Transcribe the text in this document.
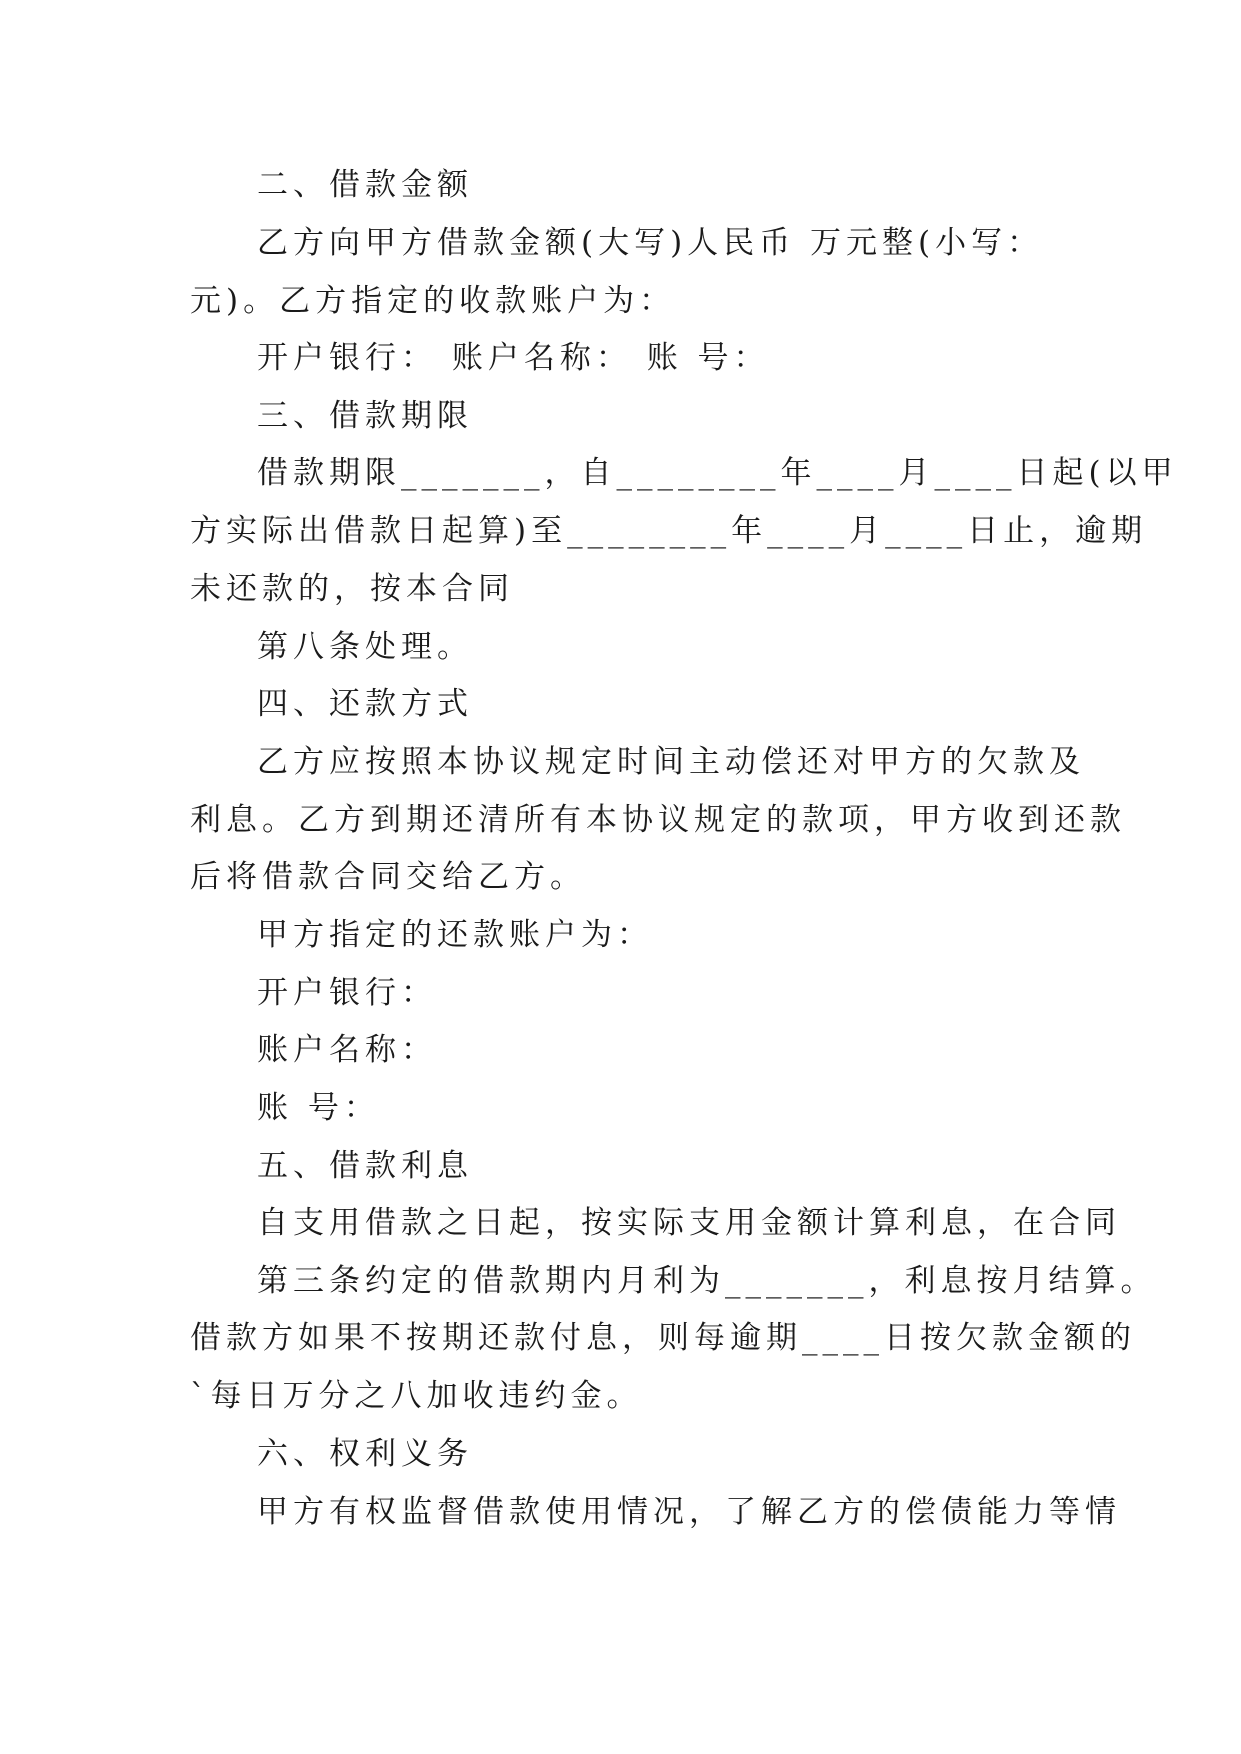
二、借款金额
乙方向甲方借款金额(大写)人民币 万元整(小写：
元)。乙方指定的收款账户为：
开户银行： 账户名称： 账 号：
三、借款期限
借款期限_______，自________年____月____日起(以甲
方实际出借款日起算)至________年____月____日止，逾期
未还款的，按本合同
第八条处理。
四、还款方式
乙方应按照本协议规定时间主动偿还对甲方的欠款及
利息。乙方到期还清所有本协议规定的款项，甲方收到还款
后将借款合同交给乙方。
甲方指定的还款账户为：
开户银行：
账户名称：
账 号：
五、借款利息
自支用借款之日起，按实际支用金额计算利息，在合同
第三条约定的借款期内月利为_______，利息按月结算。
借款方如果不按期还款付息，则每逾期____日按欠款金额的
`每日万分之八加收违约金。
六、权利义务
甲方有权监督借款使用情况，了解乙方的偿债能力等情
